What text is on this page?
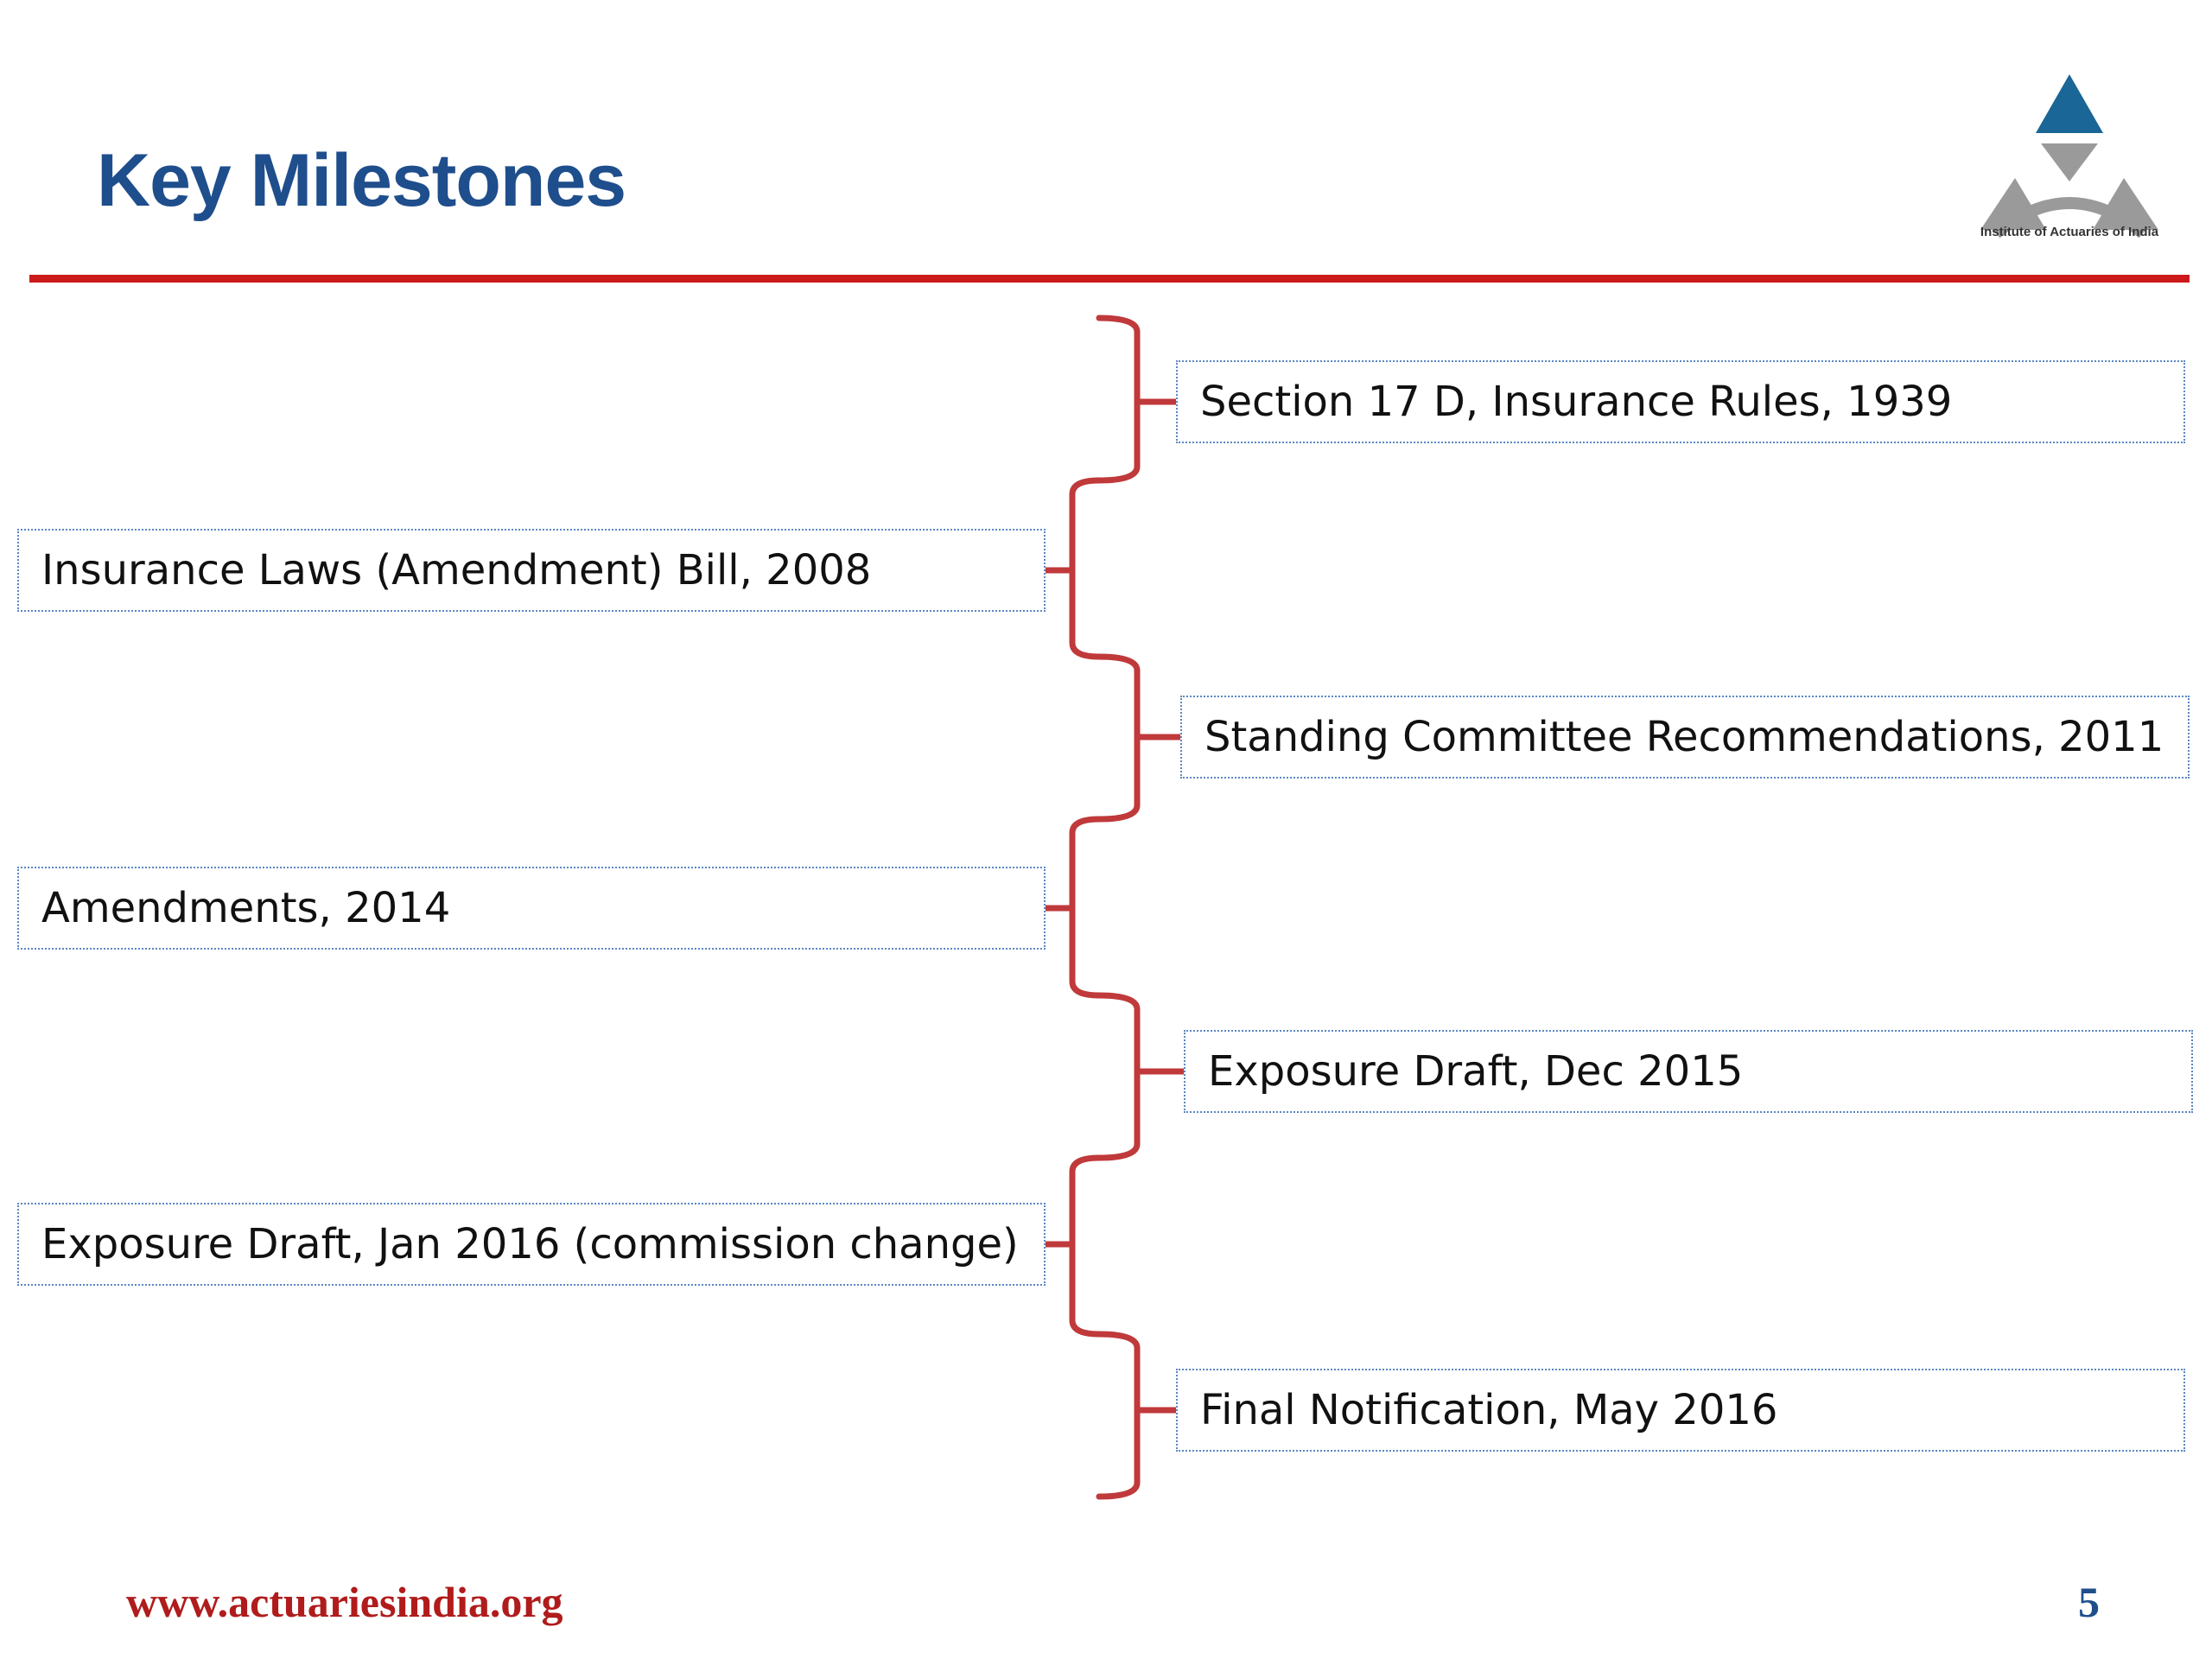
Key Milestones
Institute of Actuaries of India
Section 17 D, Insurance Rules, 1939
Insurance Laws (Amendment) Bill, 2008
Standing Committee Recommendations, 2011
Amendments, 2014
Exposure Draft, Dec 2015
Exposure Draft, Jan 2016 (commission change)
Final Notification, May 2016
www.actuariesindia.org	5
